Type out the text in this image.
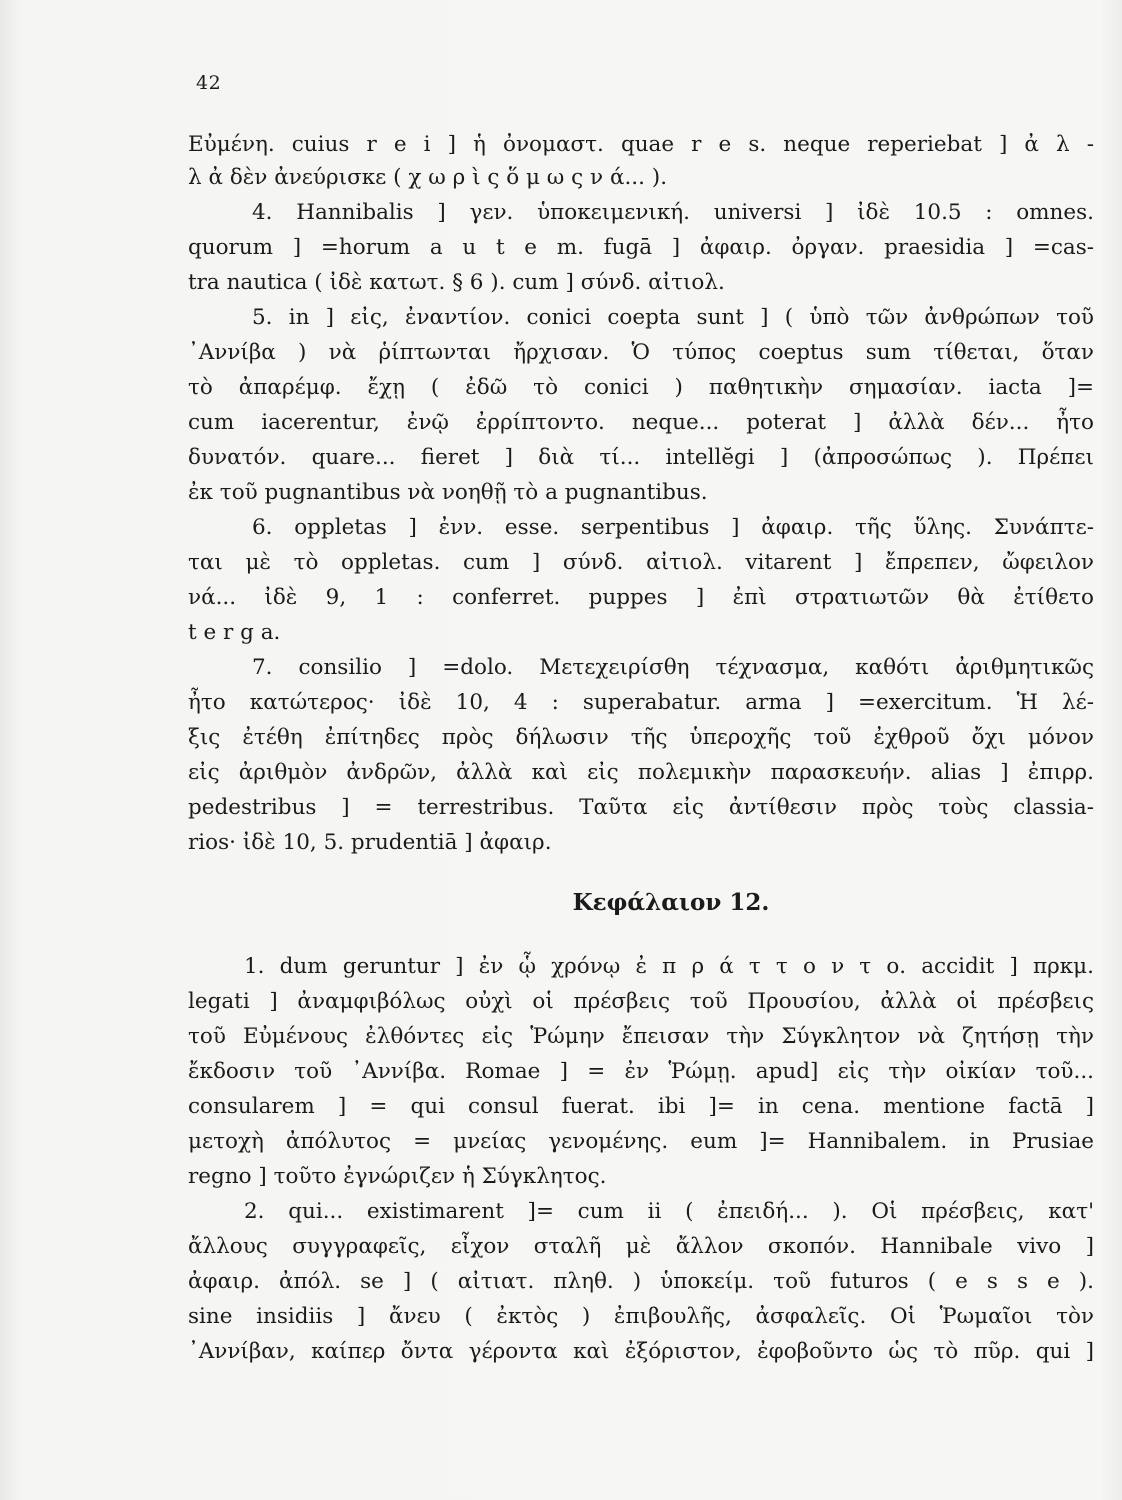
42
Εὐμένη. cuius r e i ] ἡ ὀνομαστ. quae r e s. neque reperiebat ] ἀ λ -
λ ἀ δὲν ἀνεύρισκε ( χ ω ρ ὶ ς ὅ μ ω ς ν ά... ).
4. Hannibalis ] γεν. ὑποκειμενική. universi ] ἰδὲ 10.5 : omnes.
quorum ] =horum a u t e m. fugā ] ἀφαιρ. ὀργαν. praesidia ] =cas-
tra nautica ( ἰδὲ κατωτ. § 6 ). cum ] σύνδ. αἰτιολ.
5. in ] εἰς, ἐναντίον. conici coepta sunt ] ( ὑπὸ τῶν ἀνθρώπων τοῦ
᾿Αννίβα ) νὰ ῥίπτωνται ἤρχισαν. Ὁ τύπος coeptus sum τίθεται, ὅταν
τὸ ἀπαρέμφ. ἔχῃ ( ἐδῶ τὸ conici ) παθητικὴν σημασίαν. iacta ]=
cum iacerentur, ἐνῷ ἐρρίπτοντο. neque... poterat ] ἀλλὰ δέν... ἦτο
δυνατόν. quare... fieret ] διὰ τί... intellĕgi ] (ἀπροσώπως ). Πρέπει
ἐκ τοῦ pugnantibus νὰ νοηθῇ τὸ a pugnantibus.
6. oppletas ] ἐνν. esse. serpentibus ] ἀφαιρ. τῆς ὕλης. Συνάπτε-
ται μὲ τὸ oppletas. cum ] σύνδ. αἰτιολ. vitarent ] ἔπρεπεν, ὤφειλον
νά... ἰδὲ 9, 1 : conferret. puppes ] ἐπὶ στρατιωτῶν θὰ ἐτίθετο
t e r g a.
7. consilio ] =dolo. Μετεχειρίσθη τέχνασμα, καθότι ἀριθμητικῶς
ἦτο κατώτερος· ἰδὲ 10, 4 : superabatur. arma ] =exercitum. Ἡ λέ-
ξις ἐτέθη ἐπίτηδες πρὸς δήλωσιν τῆς ὑπεροχῆς τοῦ ἐχθροῦ ὄχι μόνον
εἰς ἀριθμὸν ἀνδρῶν, ἀλλὰ καὶ εἰς πολεμικὴν παρασκευήν. alias ] ἐπιρρ.
pedestribus ] = terrestribus. Ταῦτα εἰς ἀντίθεσιν πρὸς τοὺς classia-
rios· ἰδὲ 10, 5. prudentiā ] ἀφαιρ.
Κεφάλαιον 12.
1. dum geruntur ] ἐν ᾧ χρόνῳ ἐ π ρ ά τ τ ο ν τ ο. accidit ] πρκμ.
legati ] ἀναμφιβόλως οὐχὶ οἱ πρέσβεις τοῦ Προυσίου, ἀλλὰ οἱ πρέσβεις
τοῦ Εὐμένους ἐλθόντες εἰς Ῥώμην ἔπεισαν τὴν Σύγκλητον νὰ ζητήσῃ τὴν
ἔκδοσιν τοῦ ᾿Αννίβα. Romae ] = ἐν Ῥώμῃ. apud] εἰς τὴν οἰκίαν τοῦ...
consularem ] = qui consul fuerat. ibi ]= in cena. mentione factā ]
μετοχὴ ἀπόλυτος = μνείας γενομένης. eum ]= Hannibalem. in Prusiae
regno ] τοῦτο ἐγνώριζεν ἡ Σύγκλητος.
2. qui... existimarent ]= cum ii ( ἐπειδή... ). Οἱ πρέσβεις, κατ'
ἄλλους συγγραφεῖς, εἶχον σταλῆ μὲ ἄλλον σκοπόν. Hannibale vivo ]
ἀφαιρ. ἀπόλ. se ] ( αἰτιατ. πληθ. ) ὑποκείμ. τοῦ futuros ( e s s e ).
sine insidiis ] ἄνευ ( ἐκτὸς ) ἐπιβουλῆς, ἀσφαλεῖς. Οἱ Ῥωμαῖοι τὸν
᾿Αννίβαν, καίπερ ὄντα γέροντα καὶ ἐξόριστον, ἐφοβοῦντο ὡς τὸ πῦρ. qui ]
